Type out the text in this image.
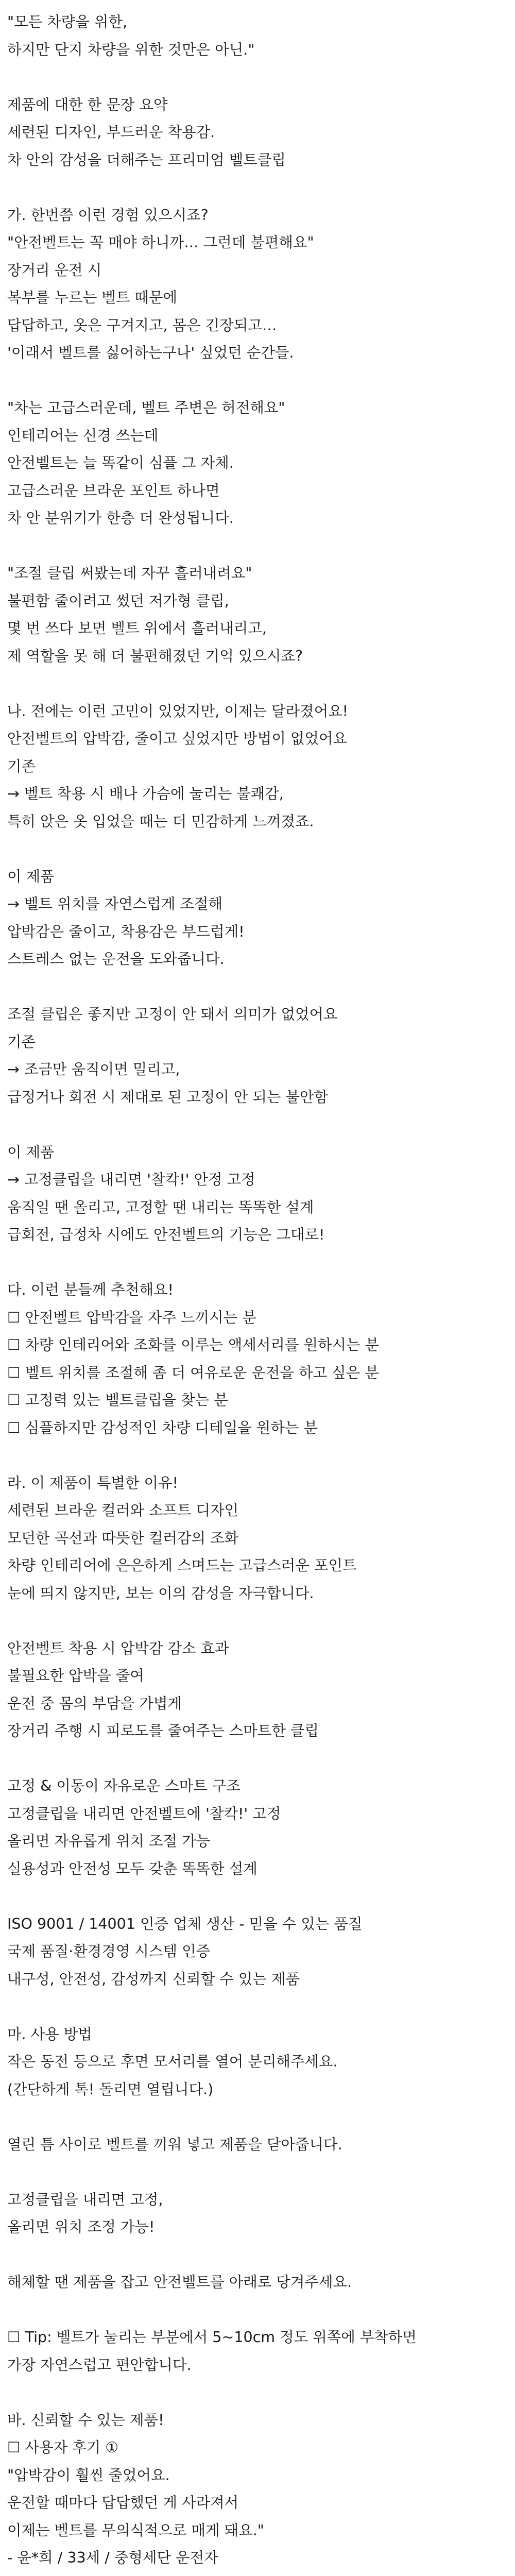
"모든 차량을 위한,
하지만 단지 차량을 위한 것만은 아닌."
제품에 대한 한 문장 요약
세련된 디자인, 부드러운 착용감.
차 안의 감성을 더해주는 프리미엄 벨트클립
가. 한번쯤 이런 경험 있으시죠?
"안전벨트는 꼭 매야 하니까… 그런데 불편해요"
장거리 운전 시
복부를 누르는 벨트 때문에
답답하고, 옷은 구겨지고, 몸은 긴장되고…
'이래서 벨트를 싫어하는구나' 싶었던 순간들.
"차는 고급스러운데, 벨트 주변은 허전해요"
인테리어는 신경 쓰는데
안전벨트는 늘 똑같이 심플 그 자체.
고급스러운 브라운 포인트 하나면
차 안 분위기가 한층 더 완성됩니다.
"조절 클립 써봤는데 자꾸 흘러내려요"
불편함 줄이려고 썼던 저가형 클립,
몇 번 쓰다 보면 벨트 위에서 흘러내리고,
제 역할을 못 해 더 불편해졌던 기억 있으시죠?
나. 전에는 이런 고민이 있었지만, 이제는 달라졌어요!
안전벨트의 압박감, 줄이고 싶었지만 방법이 없었어요
기존
→ 벨트 착용 시 배나 가슴에 눌리는 불쾌감,
특히 앉은 옷 입었을 때는 더 민감하게 느껴졌죠.
이 제품
→ 벨트 위치를 자연스럽게 조절해
압박감은 줄이고, 착용감은 부드럽게!
스트레스 없는 운전을 도와줍니다.
조절 클립은 좋지만 고정이 안 돼서 의미가 없었어요
기존
→ 조금만 움직이면 밀리고,
급정거나 회전 시 제대로 된 고정이 안 되는 불안함
이 제품
→ 고정클립을 내리면 '찰칵!' 안정 고정
움직일 땐 올리고, 고정할 땐 내리는 똑똑한 설계
급회전, 급정차 시에도 안전벨트의 기능은 그대로!
다. 이런 분들께 추천해요!
☐ 안전벨트 압박감을 자주 느끼시는 분
☐ 차량 인테리어와 조화를 이루는 액세서리를 원하시는 분
☐ 벨트 위치를 조절해 좀 더 여유로운 운전을 하고 싶은 분
☐ 고정력 있는 벨트클립을 찾는 분
☐ 심플하지만 감성적인 차량 디테일을 원하는 분
라. 이 제품이 특별한 이유!
세련된 브라운 컬러와 소프트 디자인
모던한 곡선과 따뜻한 컬러감의 조화
차량 인테리어에 은은하게 스며드는 고급스러운 포인트
눈에 띄지 않지만, 보는 이의 감성을 자극합니다.
안전벨트 착용 시 압박감 감소 효과
불필요한 압박을 줄여
운전 중 몸의 부담을 가볍게
장거리 주행 시 피로도를 줄여주는 스마트한 클립
고정 & 이동이 자유로운 스마트 구조
고정클립을 내리면 안전벨트에 '찰칵!' 고정
올리면 자유롭게 위치 조절 가능
실용성과 안전성 모두 갖춘 똑똑한 설계
ISO 9001 / 14001 인증 업체 생산 - 믿을 수 있는 품질
국제 품질·환경경영 시스템 인증
내구성, 안전성, 감성까지 신뢰할 수 있는 제품
마. 사용 방법
작은 동전 등으로 후면 모서리를 열어 분리해주세요.
(간단하게 톡! 돌리면 열립니다.)
열린 틈 사이로 벨트를 끼워 넣고 제품을 닫아줍니다.
고정클립을 내리면 고정,
올리면 위치 조정 가능!
해체할 땐 제품을 잡고 안전벨트를 아래로 당겨주세요.
☐ Tip: 벨트가 눌리는 부분에서 5~10cm 정도 위쪽에 부착하면
가장 자연스럽고 편안합니다.
바. 신뢰할 수 있는 제품!
☐ 사용자 후기 ①
"압박감이 훨씬 줄었어요.
운전할 때마다 답답했던 게 사라져서
이제는 벨트를 무의식적으로 매게 돼요."
- 윤*희 / 33세 / 중형세단 운전자
